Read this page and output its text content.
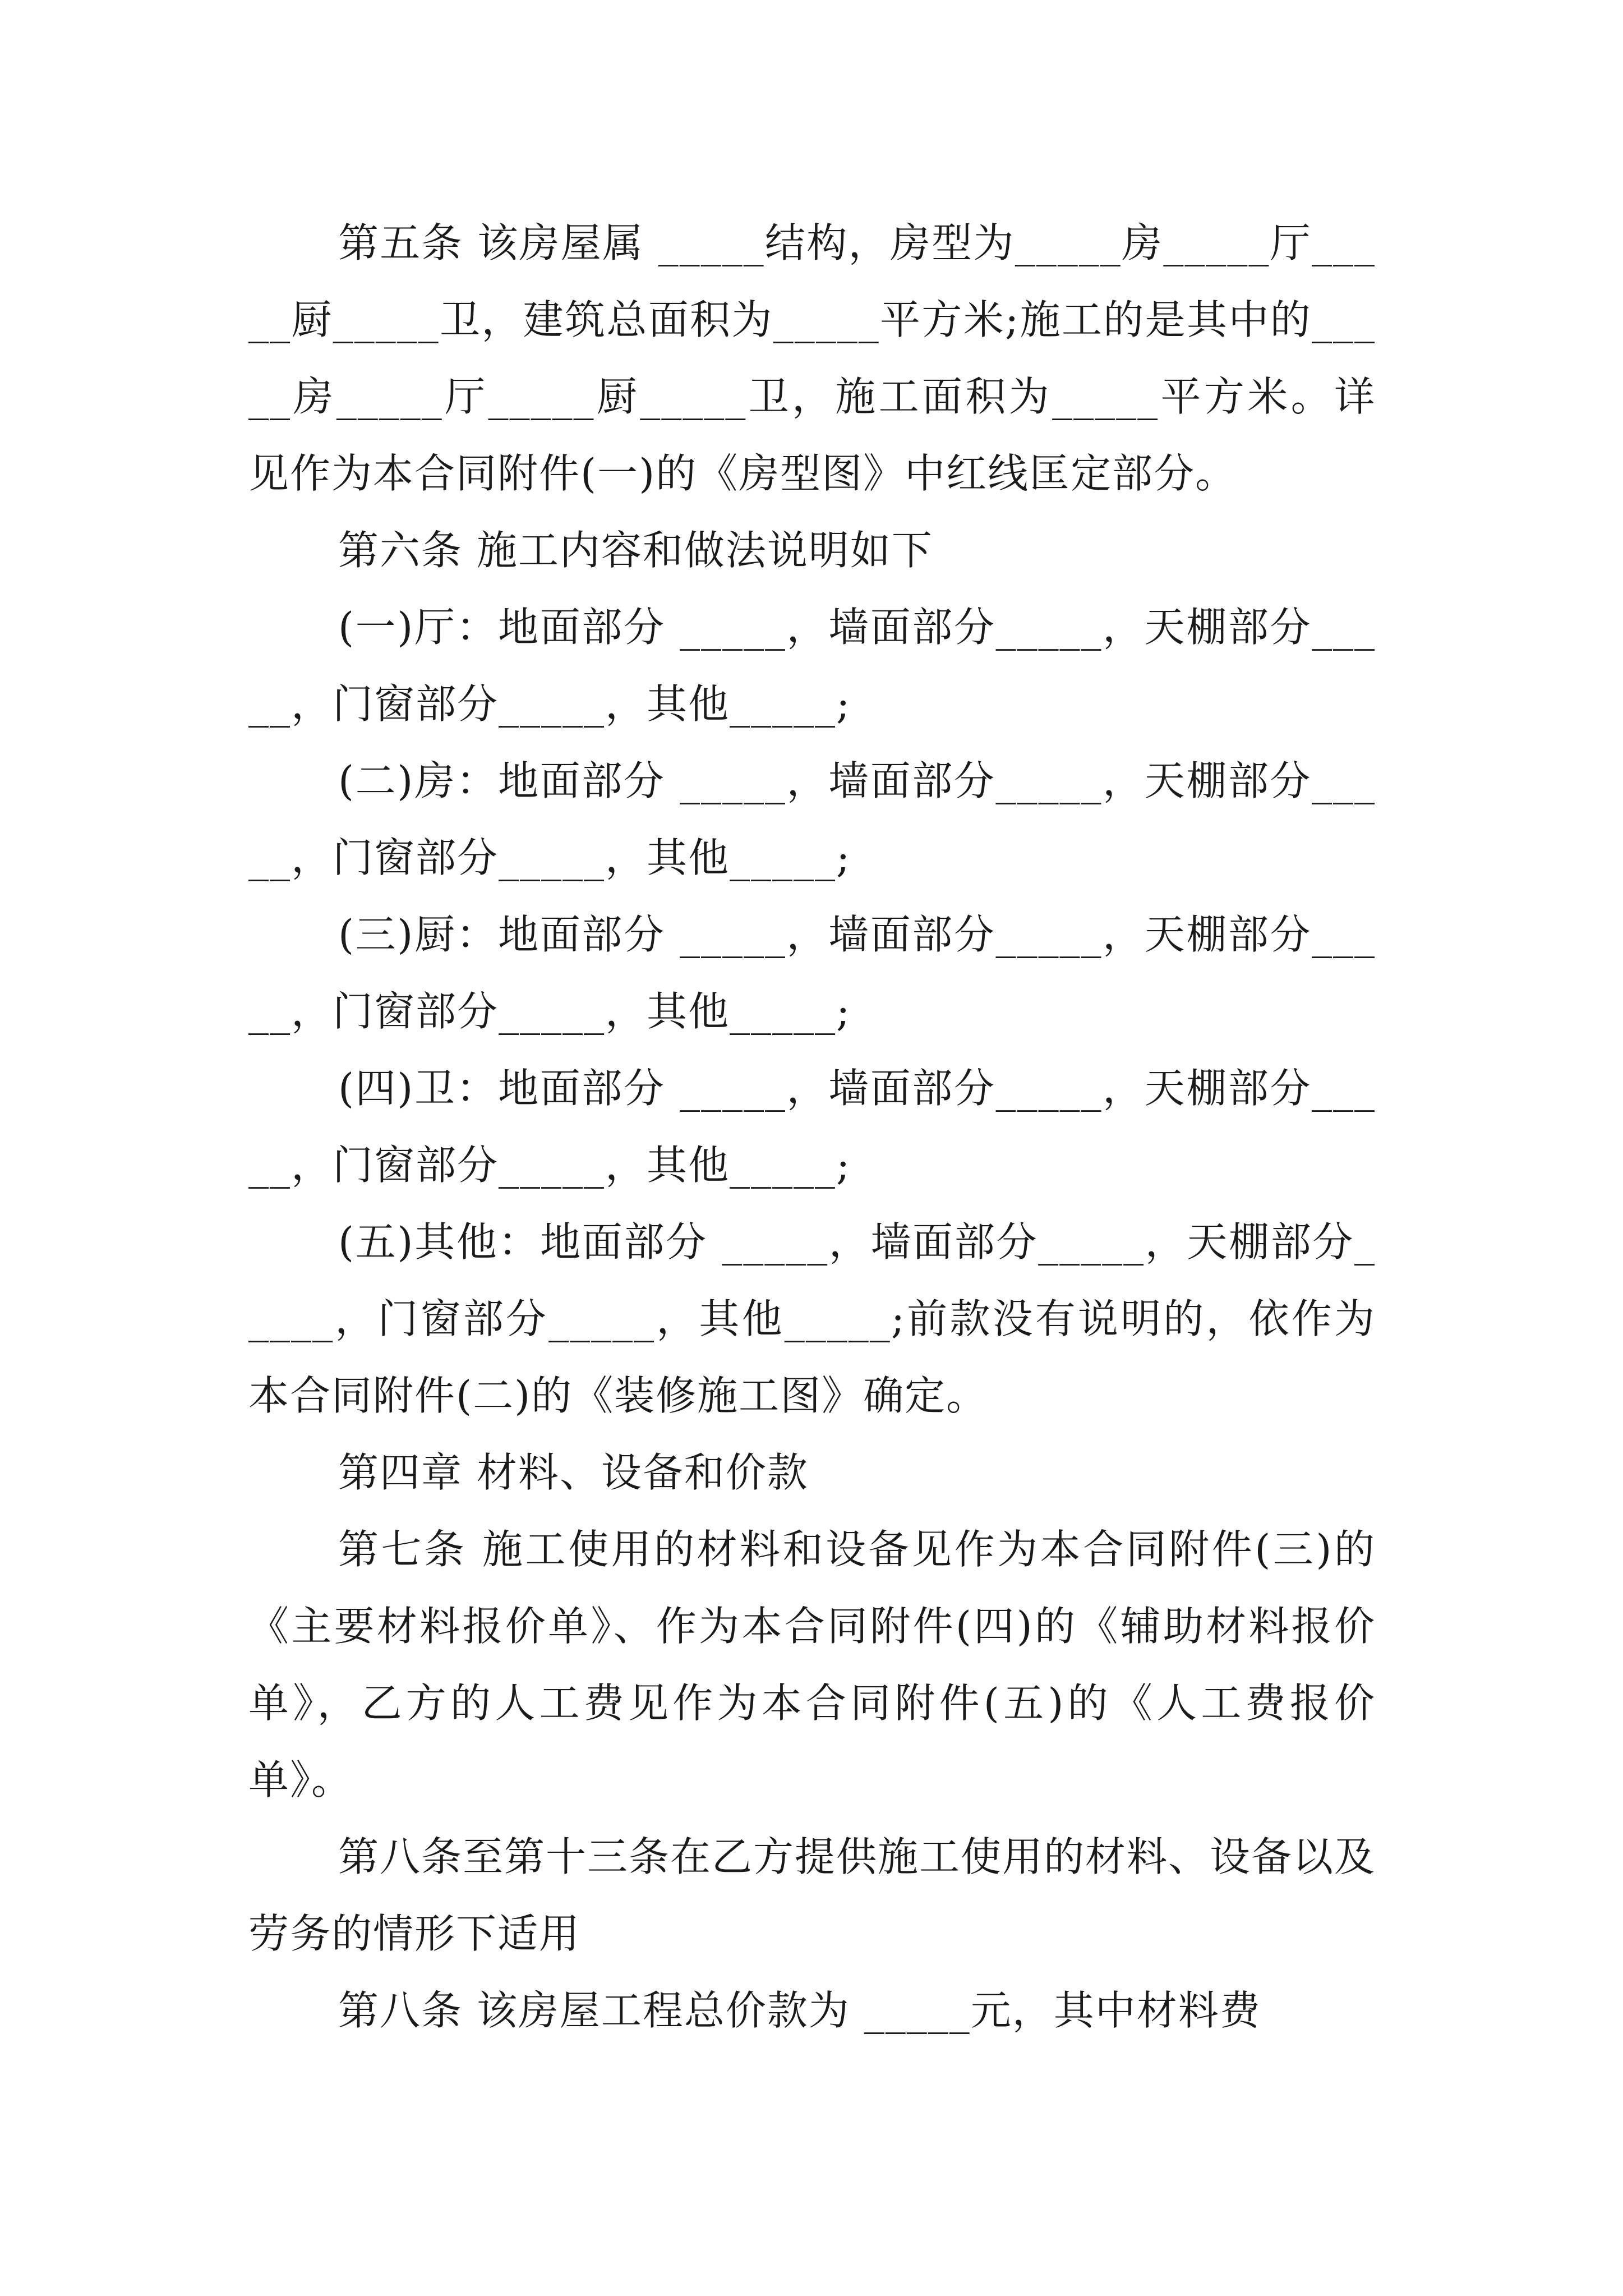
第五条 该房屋属 _____结构，房型为_____房_____厅_____厨_____卫，建筑总面积为_____平方米;施工的是其中的_____房_____厅_____厨_____卫，施工面积为_____平方米。详见作为本合同附件(一)的《房型图》中红线匡定部分。

第六条 施工内容和做法说明如下

(一)厅：地面部分 _____，墙面部分_____，天棚部分_____，门窗部分_____，其他_____;

(二)房：地面部分 _____，墙面部分_____，天棚部分_____，门窗部分_____，其他_____;

(三)厨：地面部分 _____，墙面部分_____，天棚部分_____，门窗部分_____，其他_____;

(四)卫：地面部分 _____，墙面部分_____，天棚部分_____，门窗部分_____，其他_____;

(五)其他：地面部分 _____，墙面部分_____，天棚部分_____，门窗部分_____，其他_____;前款没有说明的，依作为本合同附件(二)的《装修施工图》确定。

第四章 材料、设备和价款

第七条 施工使用的材料和设备见作为本合同附件(三)的《主要材料报价单》、作为本合同附件(四)的《辅助材料报价单》，乙方的人工费见作为本合同附件(五)的《人工费报价单》。

第八条至第十三条在乙方提供施工使用的材料、设备以及劳务的情形下适用

第八条 该房屋工程总价款为 _____元，其中材料费
